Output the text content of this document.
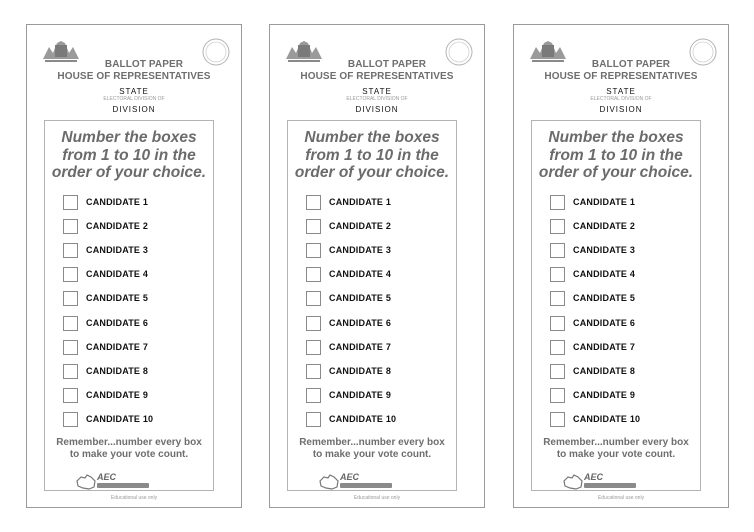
BALLOT PAPER
HOUSE OF REPRESENTATIVES
STATE
ELECTORAL DIVISION OF
DIVISION
Number the boxes
from 1 to 10 in the
order of your choice.
CANDIDATE 1
CANDIDATE 2
CANDIDATE 3
CANDIDATE 4
CANDIDATE 5
CANDIDATE 6
CANDIDATE 7
CANDIDATE 8
CANDIDATE 9
CANDIDATE 10
Remember...number every box
to make your vote count.
AEC
Educational use only
BALLOT PAPER
HOUSE OF REPRESENTATIVES
STATE
ELECTORAL DIVISION OF
DIVISION
Number the boxes
from 1 to 10 in the
order of your choice.
CANDIDATE 1
CANDIDATE 2
CANDIDATE 3
CANDIDATE 4
CANDIDATE 5
CANDIDATE 6
CANDIDATE 7
CANDIDATE 8
CANDIDATE 9
CANDIDATE 10
Remember...number every box
to make your vote count.
AEC
Educational use only
BALLOT PAPER
HOUSE OF REPRESENTATIVES
STATE
ELECTORAL DIVISION OF
DIVISION
Number the boxes
from 1 to 10 in the
order of your choice.
CANDIDATE 1
CANDIDATE 2
CANDIDATE 3
CANDIDATE 4
CANDIDATE 5
CANDIDATE 6
CANDIDATE 7
CANDIDATE 8
CANDIDATE 9
CANDIDATE 10
Remember...number every box
to make your vote count.
AEC
Educational use only
